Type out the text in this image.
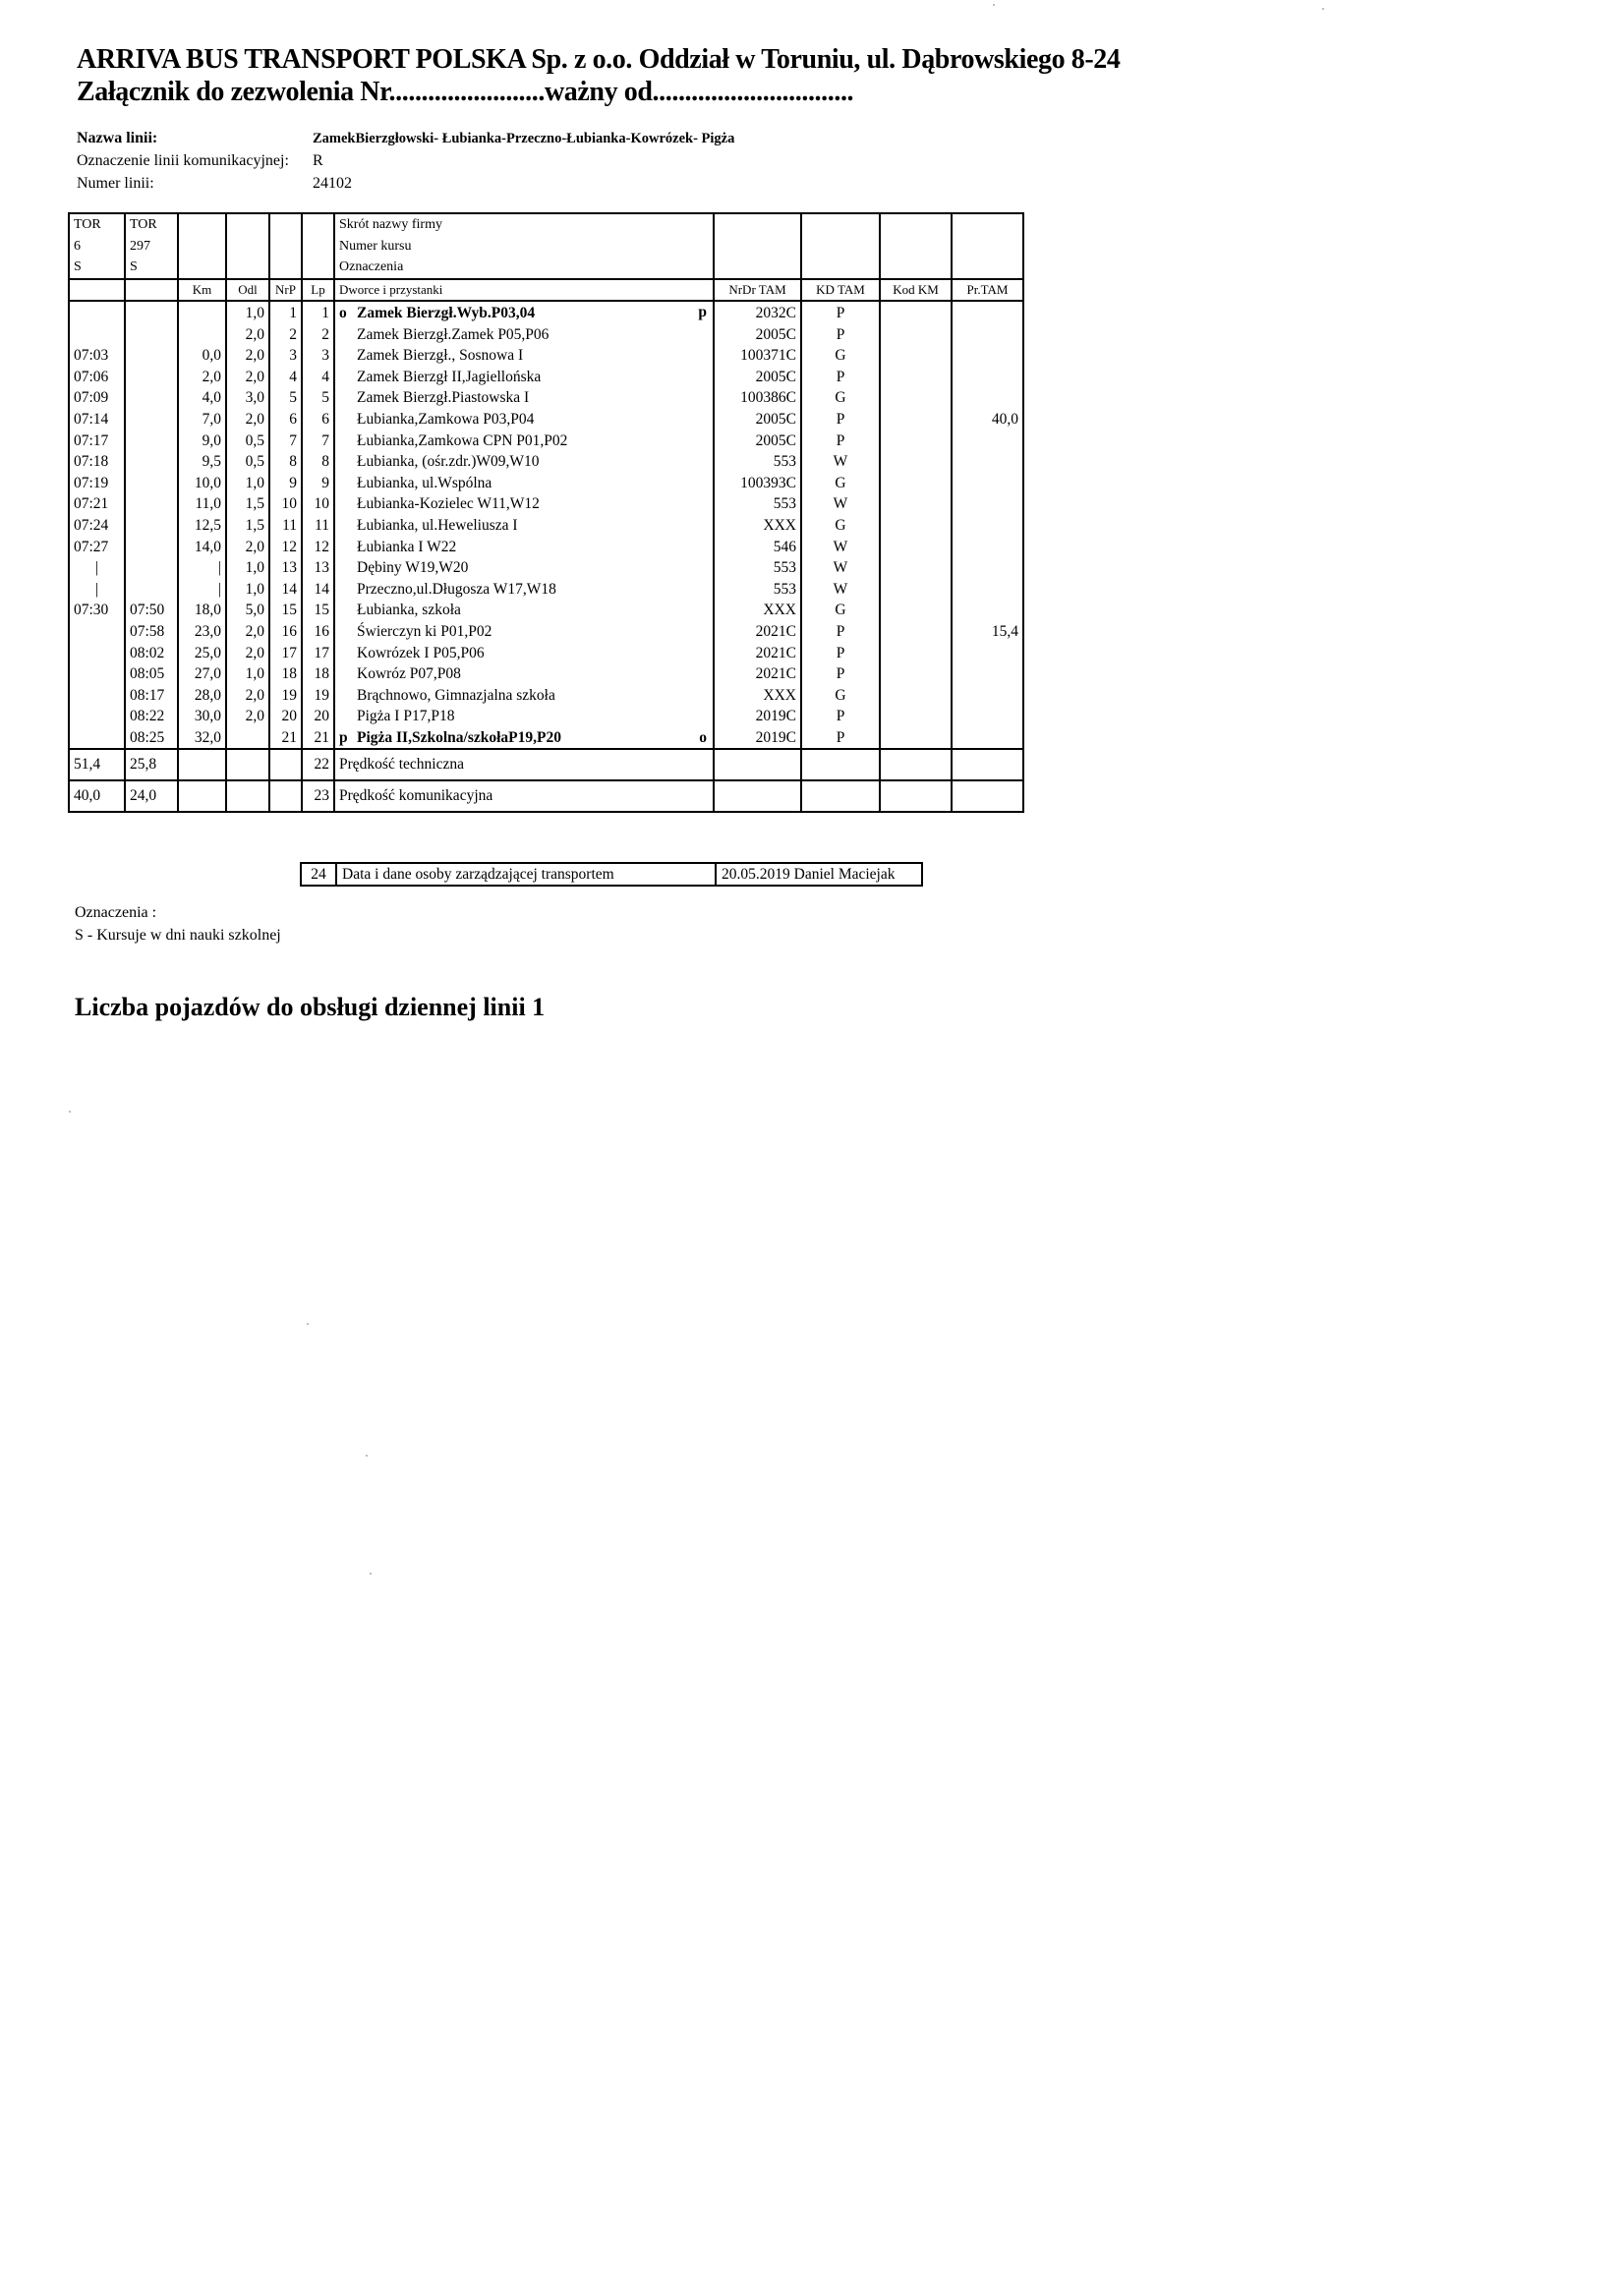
ARRIVA BUS TRANSPORT POLSKA Sp. z o.o. Oddział w Toruniu, ul. Dąbrowskiego 8-24
Załącznik do zezwolenia Nr........................ważny od...............................
Nazwa linii:	ZamekBierzgłowski- Łubianka-Przeczno-Łubianka-Kowrózek- Pigża
Oznaczenie linii komunikacyjnej: R
Numer linii:	24102
TOR	TOR					Skrót nazwy firmy				
6	297					Numer kursu				
S	S					Oznaczenia				
		Km	Odl	NrP	Lp	Dworce i przystanki	NrDr TAM	KD TAM	Kod KM	Pr.TAM
			1,0	1	1	o Zamek Bierzgł.Wyb.P03,04 p	2032C	P		
			2,0	2	2	Zamek Bierzgł.Zamek P05,P06	2005C	P		
07:03		0,0	2,0	3	3	Zamek Bierzgł., Sosnowa I	100371C	G		
07:06		2,0	2,0	4	4	Zamek Bierzgł II,Jagiellońska	2005C	P		
07:09		4,0	3,0	5	5	Zamek Bierzgł.Piastowska I	100386C	G		
07:14		7,0	2,0	6	6	Łubianka,Zamkowa P03,P04	2005C	P		40,0
07:17		9,0	0,5	7	7	Łubianka,Zamkowa CPN P01,P02	2005C	P		
07:18		9,5	0,5	8	8	Łubianka, (ośr.zdr.)W09,W10	553	W		
07:19		10,0	1,0	9	9	Łubianka, ul.Wspólna	100393C	G		
07:21		11,0	1,5	10	10	Łubianka-Kozielec W11,W12	553	W		
07:24		12,5	1,5	11	11	Łubianka, ul.Heweliusza I	XXX	G		
07:27		14,0	2,0	12	12	Łubianka I W22	546	W		
|		|	1,0	13	13	Dębiny W19,W20	553	W		
|		|	1,0	14	14	Przeczno,ul.Długosza W17,W18	553	W		
07:30	07:50	18,0	5,0	15	15	Łubianka, szkoła	XXX	G		
	07:58	23,0	2,0	16	16	Świerczyn ki P01,P02	2021C	P		15,4
	08:02	25,0	2,0	17	17	Kowrózek I P05,P06	2021C	P		
	08:05	27,0	1,0	18	18	Kowróz P07,P08	2021C	P		
	08:17	28,0	2,0	19	19	Brąchnowo, Gimnazjalna szkoła	XXX	G		
	08:22	30,0	2,0	20	20	Pigża I P17,P18	2019C	P		
	08:25	32,0		21	21	p Pigża II,Szkolna/szkołaP19,P20 o	2019C	P		
51,4	25,8				22	Prędkość techniczna				
40,0	24,0				23	Prędkość komunikacyjna				
24	Data i dane osoby zarządzającej transportem	20.05.2019 Daniel Maciejak
Oznaczenia :
S - Kursuje w dni nauki szkolnej
Liczba pojazdów do obsługi dziennej linii 1
